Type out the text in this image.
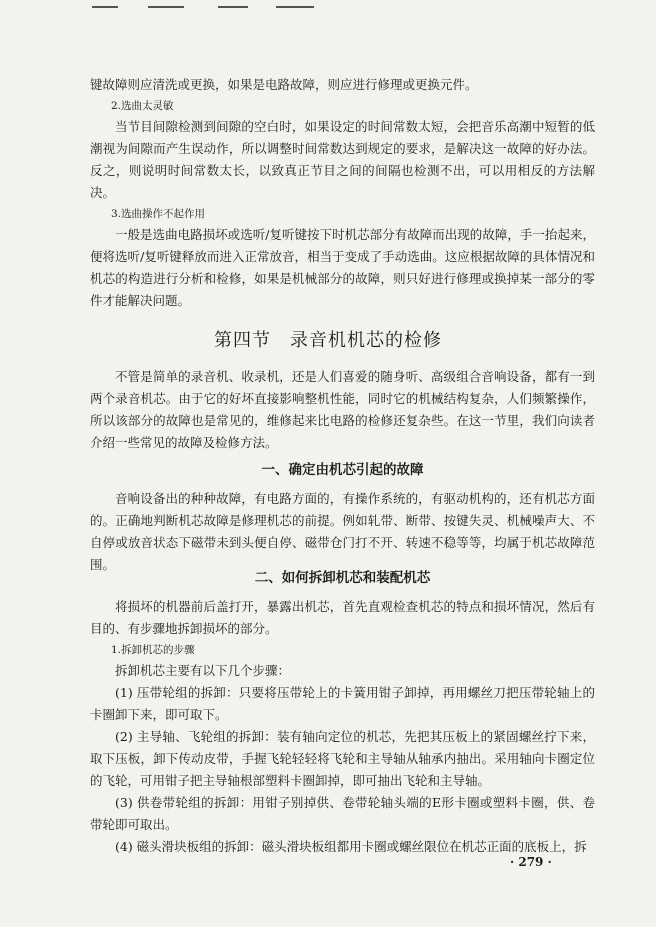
键故障则应清洗或更换，如果是电路故障，则应进行修理或更换元件。

2.选曲太灵敏

当节目间隙检测到间隙的空白时，如果设定的时间常数太短，会把音乐高潮中短暂的低潮视为间隙而产生误动作，所以调整时间常数达到规定的要求，是解决这一故障的好办法。反之，则说明时间常数太长，以致真正节目之间的间隔也检测不出，可以用相反的方法解决。

3.选曲操作不起作用

一般是选曲电路损坏或选听/复听键按下时机芯部分有故障而出现的故障，手一抬起来，便将选听/复听键释放而进入正常放音，相当于变成了手动选曲。这应根据故障的具体情况和机芯的构造进行分析和检修，如果是机械部分的故障，则只好进行修理或换掉某一部分的零件才能解决问题。

第四节　录音机机芯的检修

不管是简单的录音机、收录机，还是人们喜爱的随身听、高级组合音响设备，都有一到两个录音机芯。由于它的好坏直接影响整机性能，同时它的机械结构复杂，人们频繁操作，所以该部分的故障也是常见的，维修起来比电路的检修还复杂些。在这一节里，我们向读者介绍一些常见的故障及检修方法。

一、确定由机芯引起的故障

音响设备出的种种故障，有电路方面的，有操作系统的，有驱动机构的，还有机芯方面的。正确地判断机芯故障是修理机芯的前提。例如轧带、断带、按键失灵、机械噪声大、不自停或放音状态下磁带未到头便自停、磁带仓门打不开、转速不稳等等，均属于机芯故障范围。

二、如何拆卸机芯和装配机芯

将损坏的机器前后盖打开，暴露出机芯，首先直观检查机芯的特点和损坏情况，然后有目的、有步骤地拆卸损坏的部分。

1.拆卸机芯的步骤

拆卸机芯主要有以下几个步骤：

(1) 压带轮组的拆卸：只要将压带轮上的卡簧用钳子卸掉，再用螺丝刀把压带轮轴上的卡圈卸下来，即可取下。

(2) 主导轴、飞轮组的拆卸：装有轴向定位的机芯，先把其压板上的紧固螺丝拧下来，取下压板，卸下传动皮带，手握飞轮轻轻将飞轮和主导轴从轴承内抽出。采用轴向卡圈定位的飞轮，可用钳子把主导轴根部塑料卡圈卸掉，即可抽出飞轮和主导轴。

(3) 供卷带轮组的拆卸：用钳子别掉供、卷带轮轴头端的E形卡圈或塑料卡圈，供、卷带轮即可取出。

(4) 磁头滑块板组的拆卸：磁头滑块板组都用卡圈或螺丝限位在机芯正面的底板上，拆

· 279 ·
